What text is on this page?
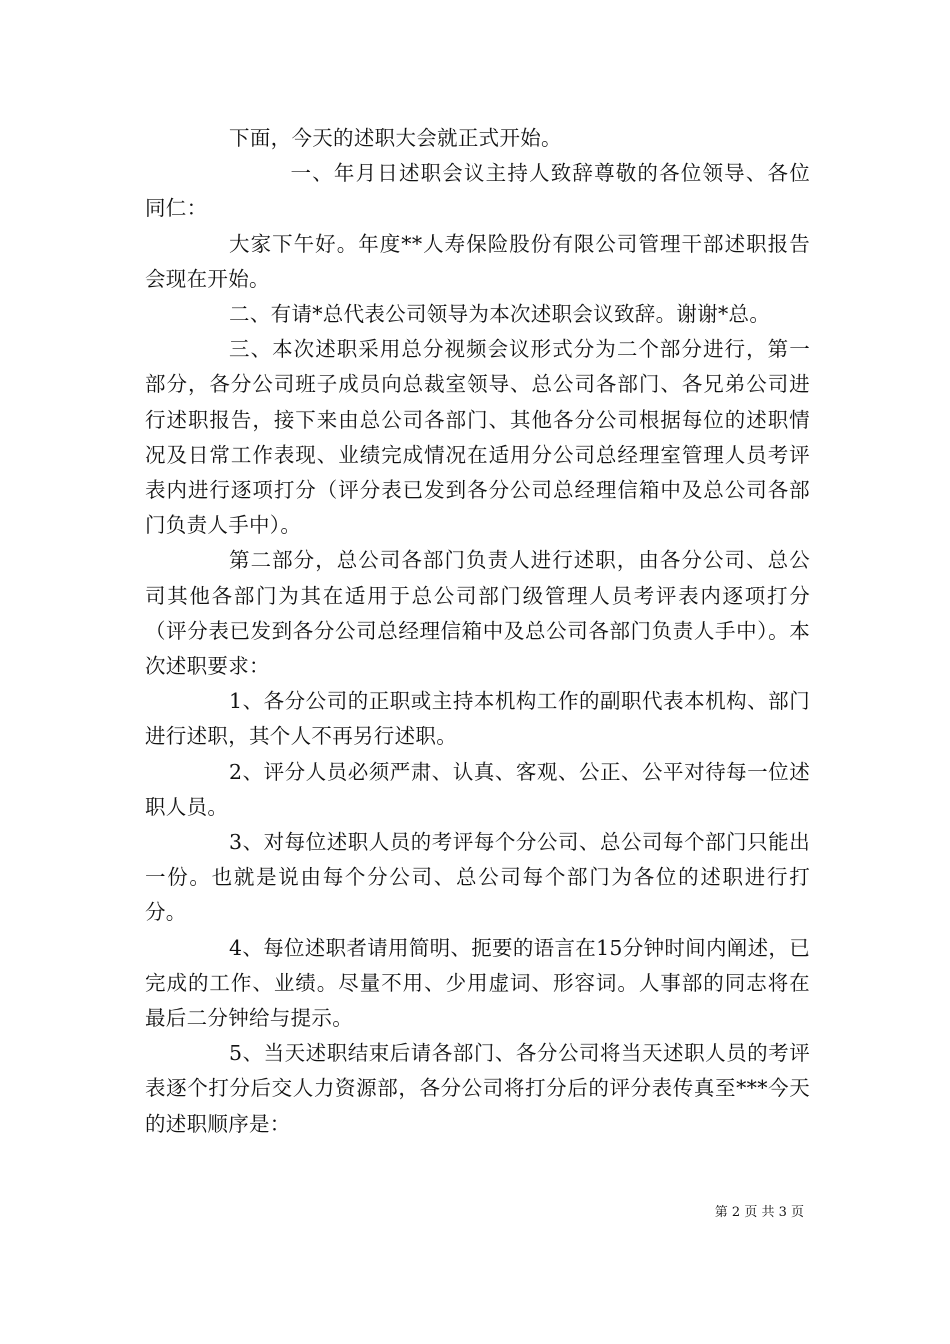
下面，今天的述职大会就正式开始。

一、年月日述职会议主持人致辞尊敬的各位领导、各位同仁：

大家下午好。年度**人寿保险股份有限公司管理干部述职报告会现在开始。

二、有请*总代表公司领导为本次述职会议致辞。谢谢*总。

三、本次述职采用总分视频会议形式分为二个部分进行，第一部分，各分公司班子成员向总裁室领导、总公司各部门、各兄弟公司进行述职报告，接下来由总公司各部门、其他各分公司根据每位的述职情况及日常工作表现、业绩完成情况在适用分公司总经理室管理人员考评表内进行逐项打分（评分表已发到各分公司总经理信箱中及总公司各部门负责人手中）。

第二部分，总公司各部门负责人进行述职，由各分公司、总公司其他各部门为其在适用于总公司部门级管理人员考评表内逐项打分（评分表已发到各分公司总经理信箱中及总公司各部门负责人手中）。本次述职要求：

1、各分公司的正职或主持本机构工作的副职代表本机构、部门进行述职，其个人不再另行述职。

2、评分人员必须严肃、认真、客观、公正、公平对待每一位述职人员。

3、对每位述职人员的考评每个分公司、总公司每个部门只能出一份。也就是说由每个分公司、总公司每个部门为各位的述职进行打分。

4、每位述职者请用简明、扼要的语言在15分钟时间内阐述，已完成的工作、业绩。尽量不用、少用虚词、形容词。人事部的同志将在最后二分钟给与提示。

5、当天述职结束后请各部门、各分公司将当天述职人员的考评表逐个打分后交人力资源部，各分公司将打分后的评分表传真至***今天的述职顺序是：

第 2 页 共 3 页
